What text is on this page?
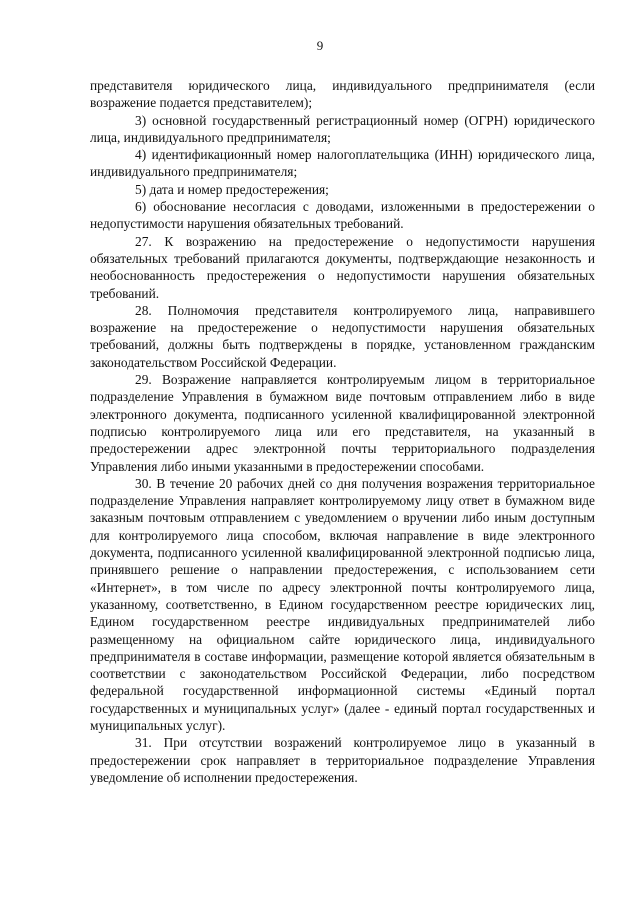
9

представителя юридического лица, индивидуального предпринимателя (если возражение подается представителем);

3) основной государственный регистрационный номер (ОГРН) юридического лица, индивидуального предпринимателя;

4) идентификационный номер налогоплательщика (ИНН) юридического лица, индивидуального предпринимателя;

5) дата и номер предостережения;

6) обоснование несогласия с доводами, изложенными в предостережении о недопустимости нарушения обязательных требований.

27. К возражению на предостережение о недопустимости нарушения обязательных требований прилагаются документы, подтверждающие незаконность и необоснованность предостережения о недопустимости нарушения обязательных требований.

28. Полномочия представителя контролируемого лица, направившего возражение на предостережение о недопустимости нарушения обязательных требований, должны быть подтверждены в порядке, установленном гражданским законодательством Российской Федерации.

29. Возражение направляется контролируемым лицом в территориальное подразделение Управления в бумажном виде почтовым отправлением либо в виде электронного документа, подписанного усиленной квалифицированной электронной подписью контролируемого лица или его представителя, на указанный в предостережении адрес электронной почты территориального подразделения Управления либо иными указанными в предостережении способами.

30. В течение 20 рабочих дней со дня получения возражения территориальное подразделение Управления направляет контролируемому лицу ответ в бумажном виде заказным почтовым отправлением с уведомлением о вручении либо иным доступным для контролируемого лица способом, включая направление в виде электронного документа, подписанного усиленной квалифицированной электронной подписью лица, принявшего решение о направлении предостережения, с использованием сети «Интернет», в том числе по адресу электронной почты контролируемого лица, указанному, соответственно, в Едином государственном реестре юридических лиц, Едином государственном реестре индивидуальных предпринимателей либо размещенному на официальном сайте юридического лица, индивидуального предпринимателя в составе информации, размещение которой является обязательным в соответствии с законодательством Российской Федерации, либо посредством федеральной государственной информационной системы «Единый портал государственных и муниципальных услуг» (далее - единый портал государственных и муниципальных услуг).

31. При отсутствии возражений контролируемое лицо в указанный в предостережении срок направляет в территориальное подразделение Управления уведомление об исполнении предостережения.
